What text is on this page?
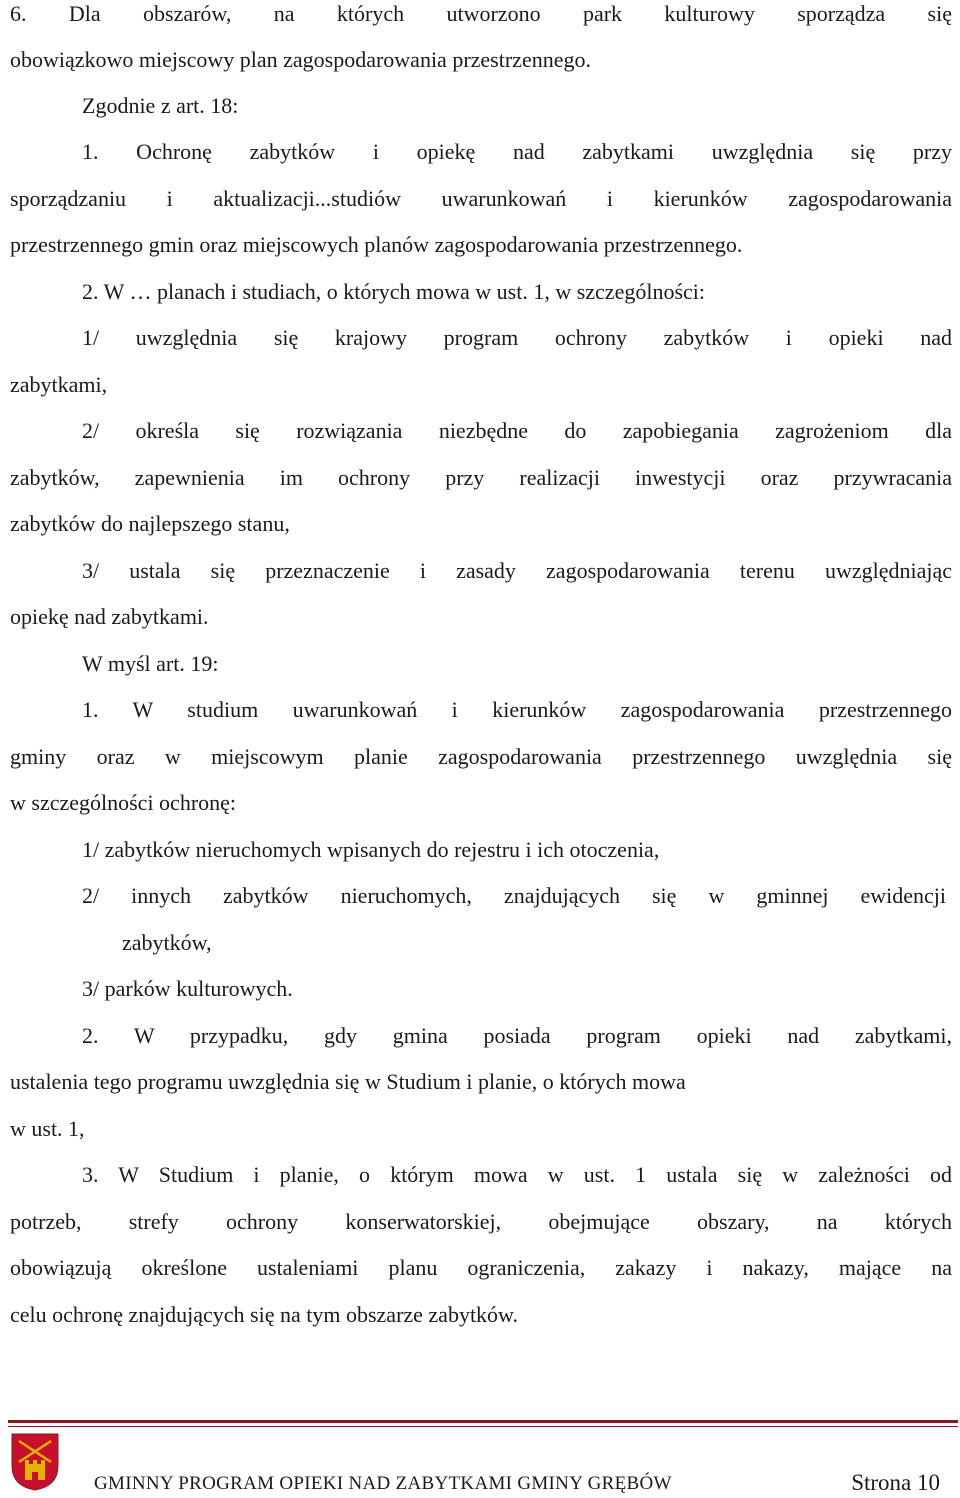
6. Dla obszarów, na których utworzono park kulturowy sporządza się
obowiązkowo miejscowy plan zagospodarowania przestrzennego.
Zgodnie z art. 18:
1. Ochronę zabytków i opiekę nad zabytkami uwzględnia się przy
sporządzaniu i aktualizacji...studiów uwarunkowań i kierunków zagospodarowania
przestrzennego gmin oraz miejscowych planów zagospodarowania przestrzennego.
2. W … planach i studiach, o których mowa w ust. 1, w szczególności:
1/ uwzględnia się krajowy program ochrony zabytków i opieki nad
zabytkami,
2/ określa się rozwiązania niezbędne do zapobiegania zagrożeniom dla
zabytków, zapewnienia im ochrony przy realizacji inwestycji oraz przywracania
zabytków do najlepszego stanu,
3/ ustala się przeznaczenie i zasady zagospodarowania terenu uwzględniając
opiekę nad zabytkami.
W myśl art. 19:
1. W studium uwarunkowań i kierunków zagospodarowania przestrzennego
gminy oraz w miejscowym planie zagospodarowania przestrzennego uwzględnia się
w szczególności ochronę:
1/ zabytków nieruchomych wpisanych do rejestru i ich otoczenia,
2/ innych zabytków nieruchomych, znajdujących się w gminnej ewidencji
zabytków,
3/ parków kulturowych.
2. W przypadku, gdy gmina posiada program opieki nad zabytkami,
ustalenia tego programu uwzględnia się w Studium i planie, o których mowa
w ust. 1,
3. W Studium i planie, o którym mowa w ust. 1 ustala się w zależności od
potrzeb, strefy ochrony konserwatorskiej, obejmujące obszary, na których
obowiązują określone ustaleniami planu ograniczenia, zakazy i nakazy, mające na
celu ochronę znajdujących się na tym obszarze zabytków.
GMINNY PROGRAM OPIEKI NAD ZABYTKAMI GMINY GRĘBÓW	Strona 10
